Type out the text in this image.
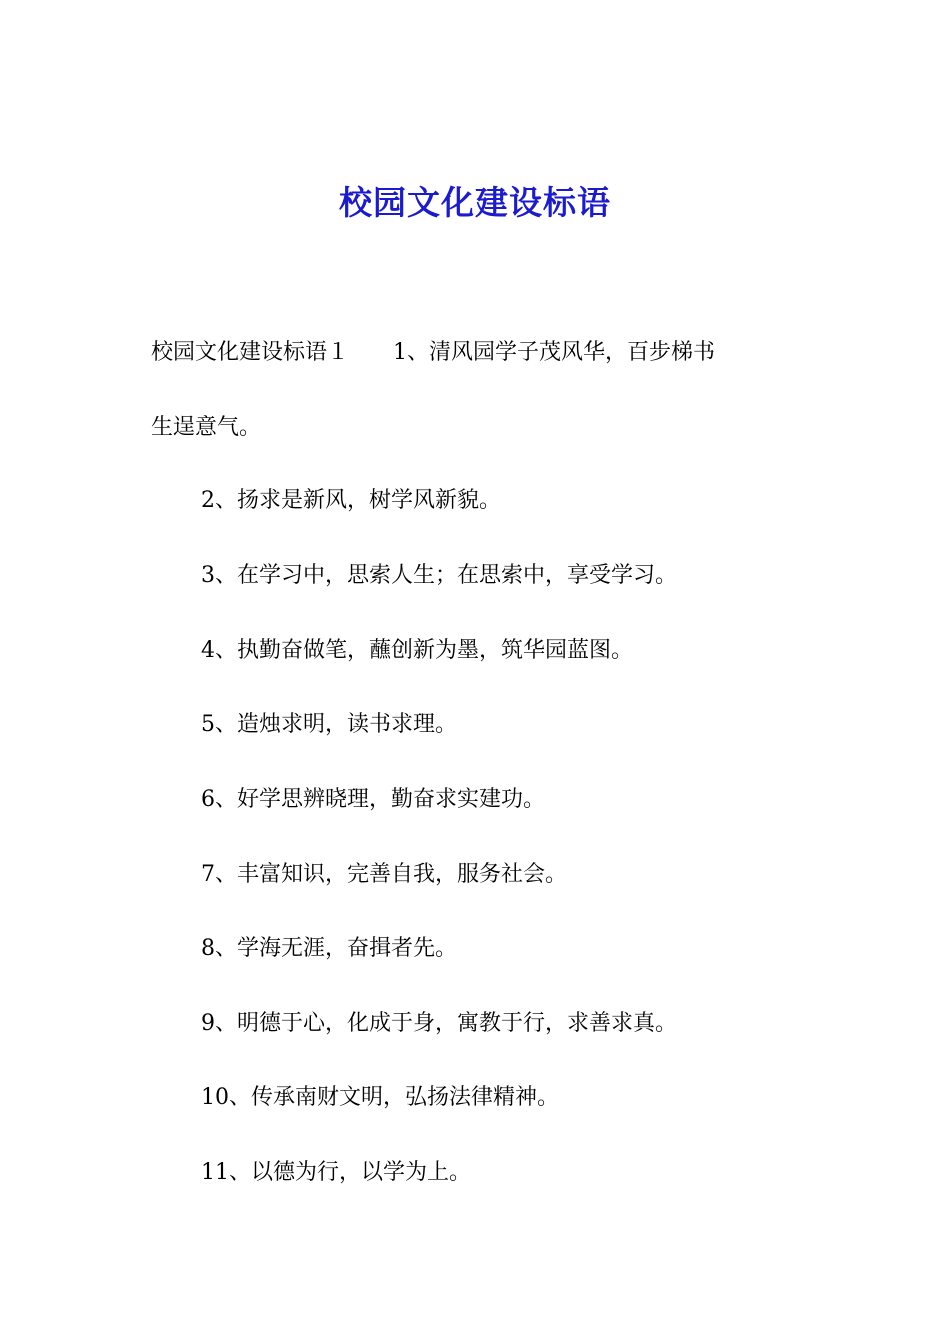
校园文化建设标语
校园文化建设标语１ 1、清风园学子茂风华，百步梯书
生逞意气。
2、扬求是新风，树学风新貌。
3、在学习中，思索人生；在思索中，享受学习。
4、执勤奋做笔，蘸创新为墨，筑华园蓝图。
5、造烛求明，读书求理。
6、好学思辨晓理，勤奋求实建功。
7、丰富知识，完善自我，服务社会。
8、学海无涯，奋揖者先。
9、明德于心，化成于身，寓教于行，求善求真。
10、传承南财文明，弘扬法律精神。
11、以德为行，以学为上。
